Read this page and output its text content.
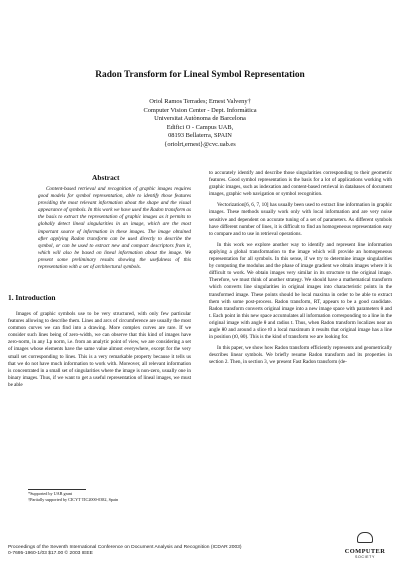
Radon Transform for Lineal Symbol Representation
Oriol Ramos Terrades; Ernest Valveny†
Computer Vision Center - Dept. Informàtica
Universitat Autònoma de Barcelona
Edifici O - Campus UAB,
08193 Bellaterra, SPAIN
{oriolrt,ernest}@cvc.uab.es
Abstract

Content-based retrieval and recognition of graphic images requires good models for symbol representation, able to identify those features providing the most relevant information about the shape and the visual appearance of symbols. In this work we have used the Radon transform as the basis to extract the representation of graphic images as it permits to globally detect lineal singularities in an image, which are the most important source of information in these images. The image obtained after applying Radon transform can be used directly to describe the symbol, or can be used to extract new and compact descriptors from it, which will also be based on lineal information about the image. We present some preliminary results showing the usefulness of this representation with a set of architectural symbols.

1. Introduction

Images of graphic symbols use to be very structured, with only few particular features allowing to describe them. Lines and arcs of circumference are usually the most common curves we can find into a drawing. More complex curves are rare. If we consider such lines being of zero-width, we can observe that this kind of images have zero-norm, in any Lp norm, i.e. from an analytic point of view, we are considering a set of images whose elements have the same value almost everywhere, except for the very small set corresponding to lines. This is a very remarkable property because it tells us that we do not have much information to work with. Moreover, all relevant information is concentrated in a small set of singularities where the image is non-zero, usually one in binary images. Thus, if we want to get a useful representation of lineal images, we must be able

to accurately identify and describe those singularities corresponding to their geometric features. Good symbol representation is the basis for a lot of applications working with graphic images, such as indexation and content-based retrieval in databases of document images, graphic web navigation or symbol recognition.

Vectorization[6, 6, 7, 10] has usually been used to extract line information in graphic images. These methods usually work only with local information and are very noise sensitive and dependent on accurate tuning of a set of parameters. As different symbols have different number of lines, it is difficult to find an homogeneous representation easy to compare and to use in retrieval operations.

In this work we explore another way to identify and represent line information applying a global transformation to the image which will provide an homogeneous representation for all symbols. In this sense, if we try to determine image singularities by computing the modulus and the phase of image gradient we obtain images where it is difficult to work. We obtain images very similar in its structure to the original image. Therefore, we must think of another strategy. We should have a mathematical transform which converts line singularities in original images into characteristic points in the transformed image. These points should be local maxima in order to be able to extract them with some post-process. Radon transform, RT, appears to be a good candidate. Radon transform converts original image into a new image space with parameters θ and t. Each point in this new space accumulates all information corresponding to a line in the original image with angle θ and radius t. Thus, when Radon transform localizes near an angle θ0 and around a slice t0 a local maximum it results that original image has a line in position (t0, θ0). This is the kind of transform we are looking for.

In this paper, we show how Radon transform efficiently represents and geometrically describes linear symbols. We briefly resume Radon transform and its properties in section 2. Then, in section 3, we present Fast Radon transform (de-

*Supported by UAB grant
†Partially supported by CICYT TIC2000-0382, Spain
Proceedings of the Seventh International Conference on Document Analysis and Recognition (ICDAR 2003)
0-7695-1960-1/03 $17.00 © 2003 IEEE	COMPUTER
SOCIETY
